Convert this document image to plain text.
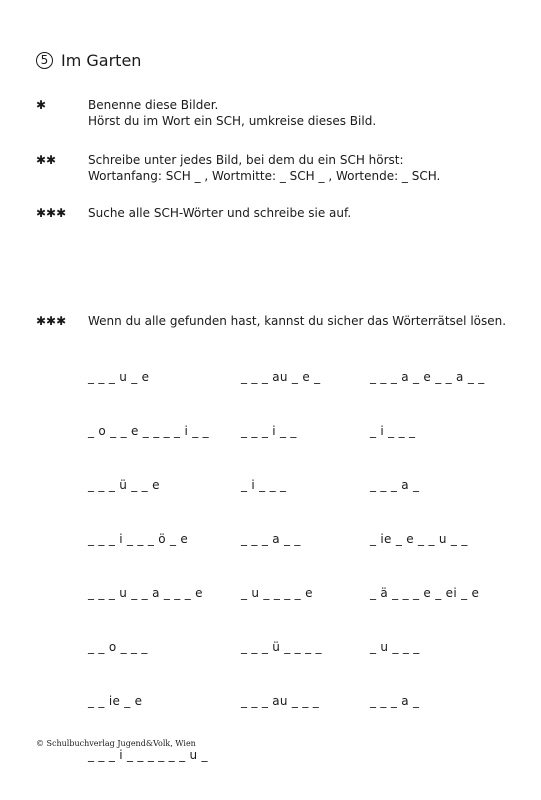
5 Im Garten
✱	Benenne diese Bilder.
Hörst du im Wort ein SCH, umkreise dieses Bild.
✱✱	Schreibe unter jedes Bild, bei dem du ein SCH hörst:
Wortanfang: SCH _ , Wortmitte: _ SCH _ , Wortende: _ SCH.
✱✱✱ Suche alle SCH-Wörter und schreibe sie auf.
✱✱✱ Wenn du alle gefunden hast, kannst du sicher das Wörterrätsel lösen.

_ _ _ u _ e

_ o _ _ e _ _ _ _ i _ _

_ _ _ ü _ _ e

_ _ _ i _ _ _ ö _ e

_ _ _ u _ _ a _ _ _ e

_ _ o _ _ _

_ _ ie _ e

_ _ _ i _ _ _ _ _ _ u _

_ _ _ au _ e _

_ _ _ i _ _

_ i _ _ _

_ _ _ a _ _

_ u _ _ _ _ e

_ _ _ ü _ _ _ _

_ _ _ au _ _ _

_ _ _ a _ e _ _ a _ _

_ i _ _ _

_ _ _ a _

_ ie _ e _ _ u _ _

_ ä _ _ _ e _ ei _ e

_ u _ _ _

_ _ _ a _

© Schulbuchverlag Jugend&Volk, Wien
